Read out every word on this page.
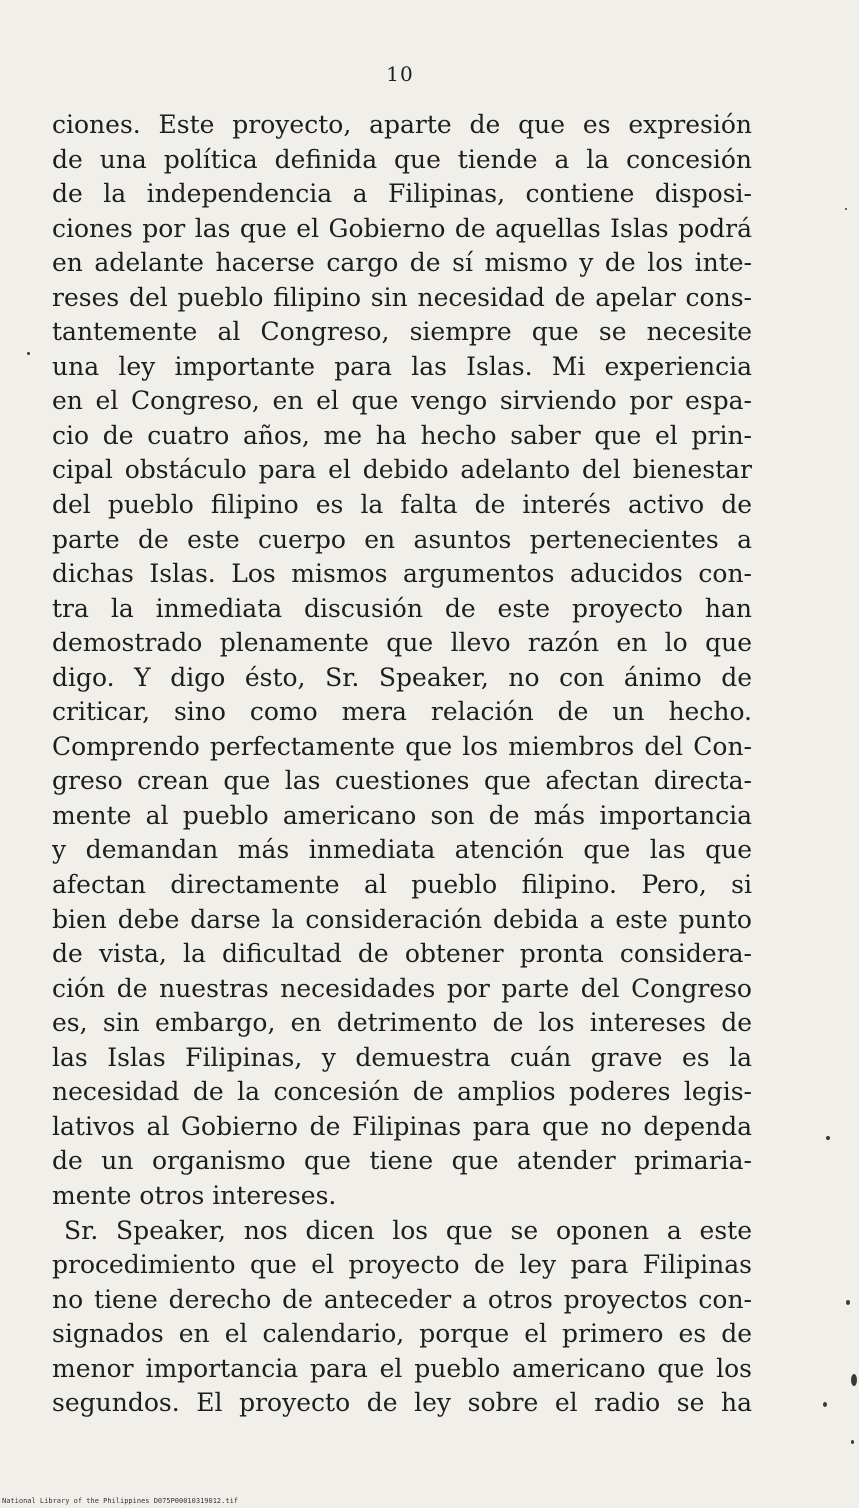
10
ciones. Este proyecto, aparte de que es expresión
de una política definida que tiende a la concesión
de la independencia a Filipinas, contiene disposi-
ciones por las que el Gobierno de aquellas Islas podrá
en adelante hacerse cargo de sí mismo y de los inte-
reses del pueblo filipino sin necesidad de apelar cons-
tantemente al Congreso, siempre que se necesite
una ley importante para las Islas. Mi experiencia
en el Congreso, en el que vengo sirviendo por espa-
cio de cuatro años, me ha hecho saber que el prin-
cipal obstáculo para el debido adelanto del bienestar
del pueblo filipino es la falta de interés activo de
parte de este cuerpo en asuntos pertenecientes a
dichas Islas. Los mismos argumentos aducidos con-
tra la inmediata discusión de este proyecto han
demostrado plenamente que llevo razón en lo que
digo. Y digo ésto, Sr. Speaker, no con ánimo de
criticar, sino como mera relación de un hecho.
Comprendo perfectamente que los miembros del Con-
greso crean que las cuestiones que afectan directa-
mente al pueblo americano son de más importancia
y demandan más inmediata atención que las que
afectan directamente al pueblo filipino. Pero, si
bien debe darse la consideración debida a este punto
de vista, la dificultad de obtener pronta considera-
ción de nuestras necesidades por parte del Congreso
es, sin embargo, en detrimento de los intereses de
las Islas Filipinas, y demuestra cuán grave es la
necesidad de la concesión de amplios poderes legis-
lativos al Gobierno de Filipinas para que no dependa
de un organismo que tiene que atender primaria-
mente otros intereses.
Sr. Speaker, nos dicen los que se oponen a este
procedimiento que el proyecto de ley para Filipinas
no tiene derecho de anteceder a otros proyectos con-
signados en el calendario, porque el primero es de
menor importancia para el pueblo americano que los
segundos. El proyecto de ley sobre el radio se ha
National Library of the Philippines D075P00010319012.tif
